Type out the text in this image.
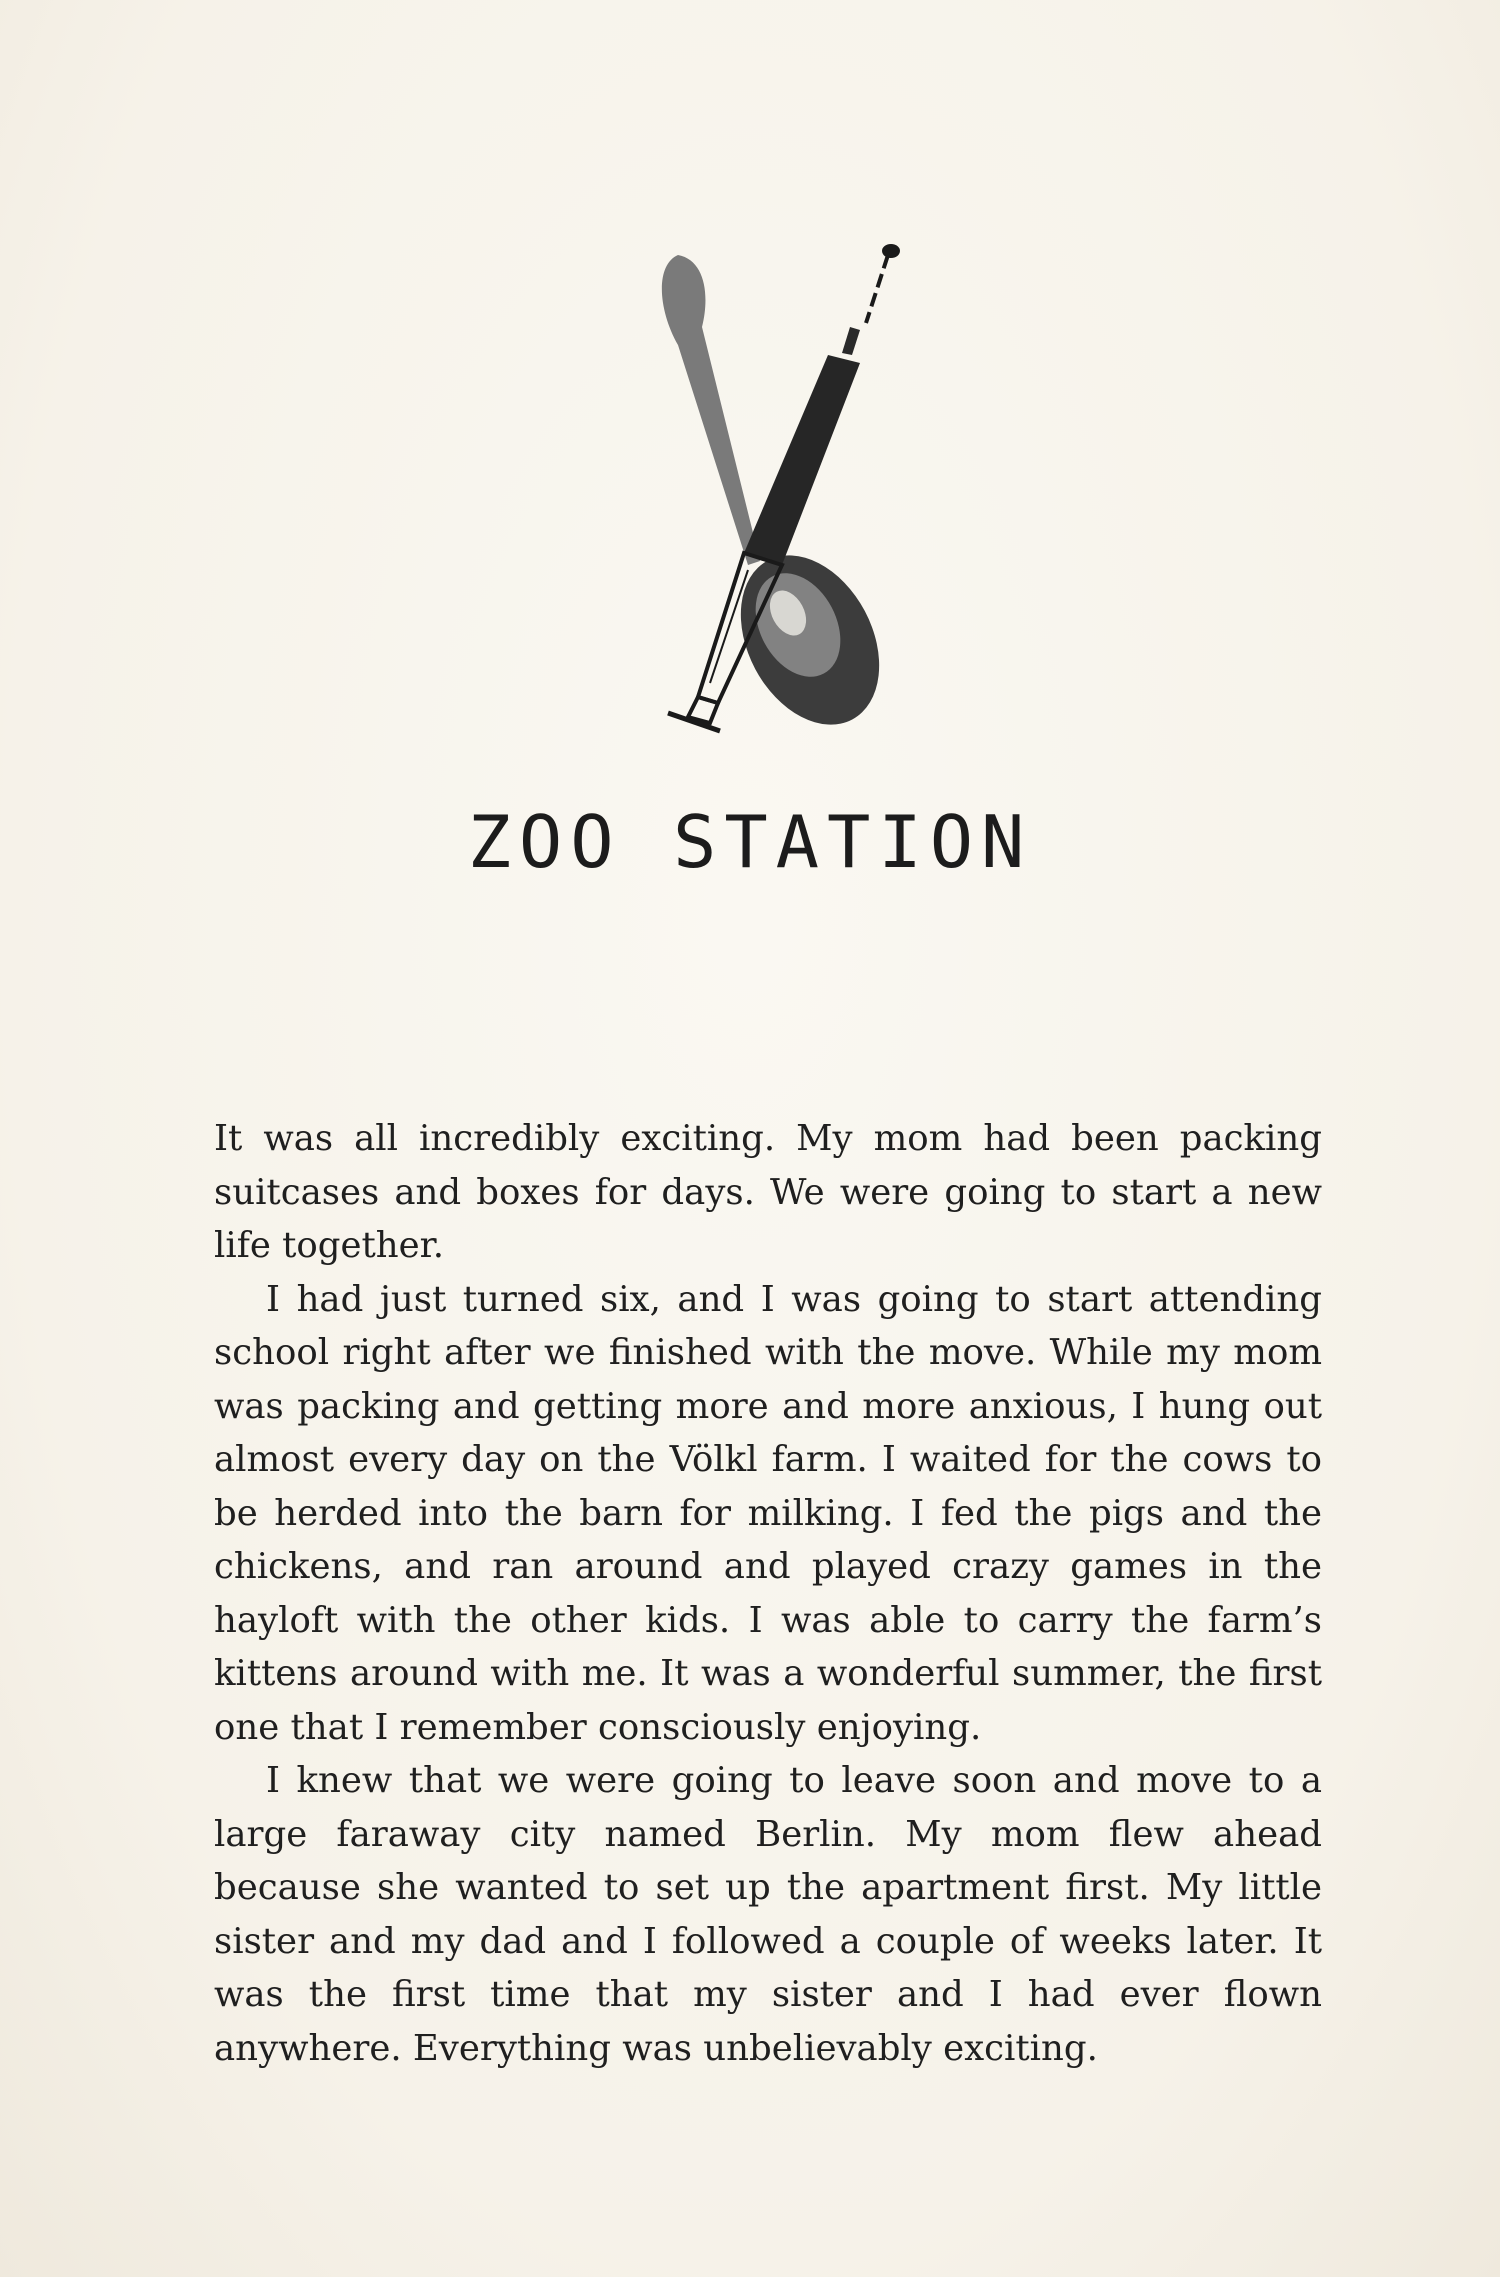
ZOO STATION

It was all incredibly exciting. My mom had been packing suitcases and boxes for days. We were going to start a new life together.

I had just turned six, and I was going to start attending school right after we finished with the move. While my mom was packing and getting more and more anxious, I hung out almost every day on the Völkl farm. I waited for the cows to be herded into the barn for milking. I fed the pigs and the chickens, and ran around and played crazy games in the hayloft with the other kids. I was able to carry the farm’s kittens around with me. It was a wonderful summer, the first one that I remember consciously enjoying.

I knew that we were going to leave soon and move to a large faraway city named Berlin. My mom flew ahead because she wanted to set up the apartment first. My little sister and my dad and I followed a couple of weeks later. It was the first time that my sister and I had ever flown anywhere. Everything was unbelievably exciting.
